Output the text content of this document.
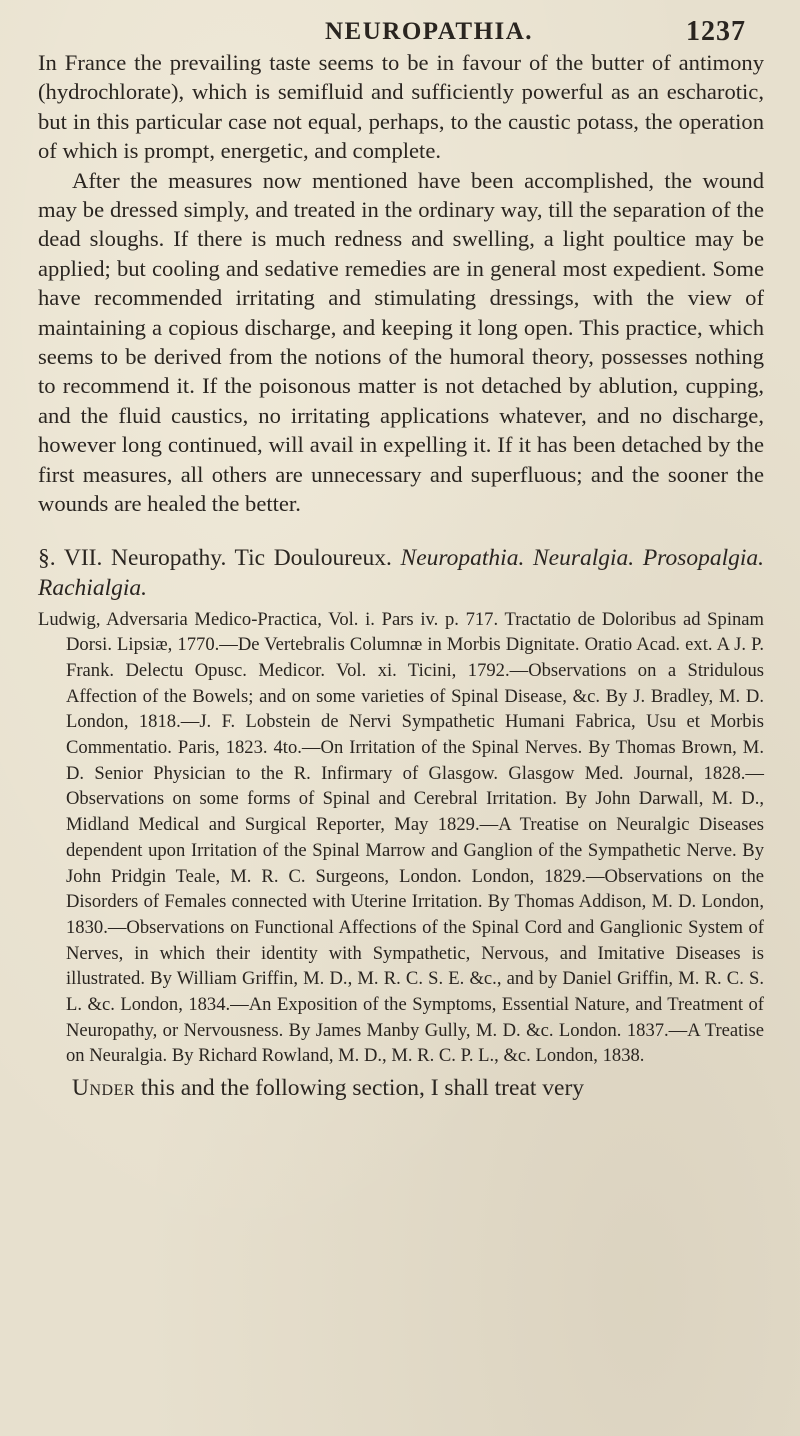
NEUROPATHIA.	1237

In France the prevailing taste seems to be in favour of the butter of antimony (hydrochlorate), which is semifluid and sufficiently powerful as an escharotic, but in this particular case not equal, perhaps, to the caustic potass, the operation of which is prompt, energetic, and complete.

After the measures now mentioned have been accomplished, the wound may be dressed simply, and treated in the ordinary way, till the separation of the dead sloughs. If there is much redness and swelling, a light poultice may be applied; but cooling and sedative remedies are in general most expedient. Some have recommended irritating and stimulating dressings, with the view of maintaining a copious discharge, and keeping it long open. This practice, which seems to be derived from the notions of the humoral theory, possesses nothing to recommend it. If the poisonous matter is not detached by ablution, cupping, and the fluid caustics, no irritating applications whatever, and no discharge, however long continued, will avail in expelling it. If it has been detached by the first measures, all others are unnecessary and superfluous; and the sooner the wounds are healed the better.

§. VII. Neuropathy. Tic Douloureux. Neuropathia. Neuralgia. Prosopalgia. Rachialgia.

Ludwig, Adversaria Medico-Practica, Vol. i. Pars iv. p. 717. Tractatio de Doloribus ad Spinam Dorsi. Lipsiæ, 1770.—De Vertebralis Columnæ in Morbis Dignitate. Oratio Acad. ext. A J. P. Frank. Delectu Opusc. Medicor. Vol. xi. Ticini, 1792.—Observations on a Stridulous Affection of the Bowels; and on some varieties of Spinal Disease, &c. By J. Bradley, M. D. London, 1818.—J. F. Lobstein de Nervi Sympathetic Humani Fabrica, Usu et Morbis Commentatio. Paris, 1823. 4to.—On Irritation of the Spinal Nerves. By Thomas Brown, M. D. Senior Physician to the R. Infirmary of Glasgow. Glasgow Med. Journal, 1828.—Observations on some forms of Spinal and Cerebral Irritation. By John Darwall, M. D., Midland Medical and Surgical Reporter, May 1829.—A Treatise on Neuralgic Diseases dependent upon Irritation of the Spinal Marrow and Ganglion of the Sympathetic Nerve. By John Pridgin Teale, M. R. C. Surgeons, London. London, 1829.—Observations on the Disorders of Females connected with Uterine Irritation. By Thomas Addison, M. D. London, 1830.—Observations on Functional Affections of the Spinal Cord and Ganglionic System of Nerves, in which their identity with Sympathetic, Nervous, and Imitative Diseases is illustrated. By William Griffin, M. D., M. R. C. S. E. &c., and by Daniel Griffin, M. R. C. S. L. &c. London, 1834.—An Exposition of the Symptoms, Essential Nature, and Treatment of Neuropathy, or Nervousness. By James Manby Gully, M. D. &c. London. 1837.—A Treatise on Neuralgia. By Richard Rowland, M. D., M. R. C. P. L., &c. London, 1838.

Under this and the following section, I shall treat very
